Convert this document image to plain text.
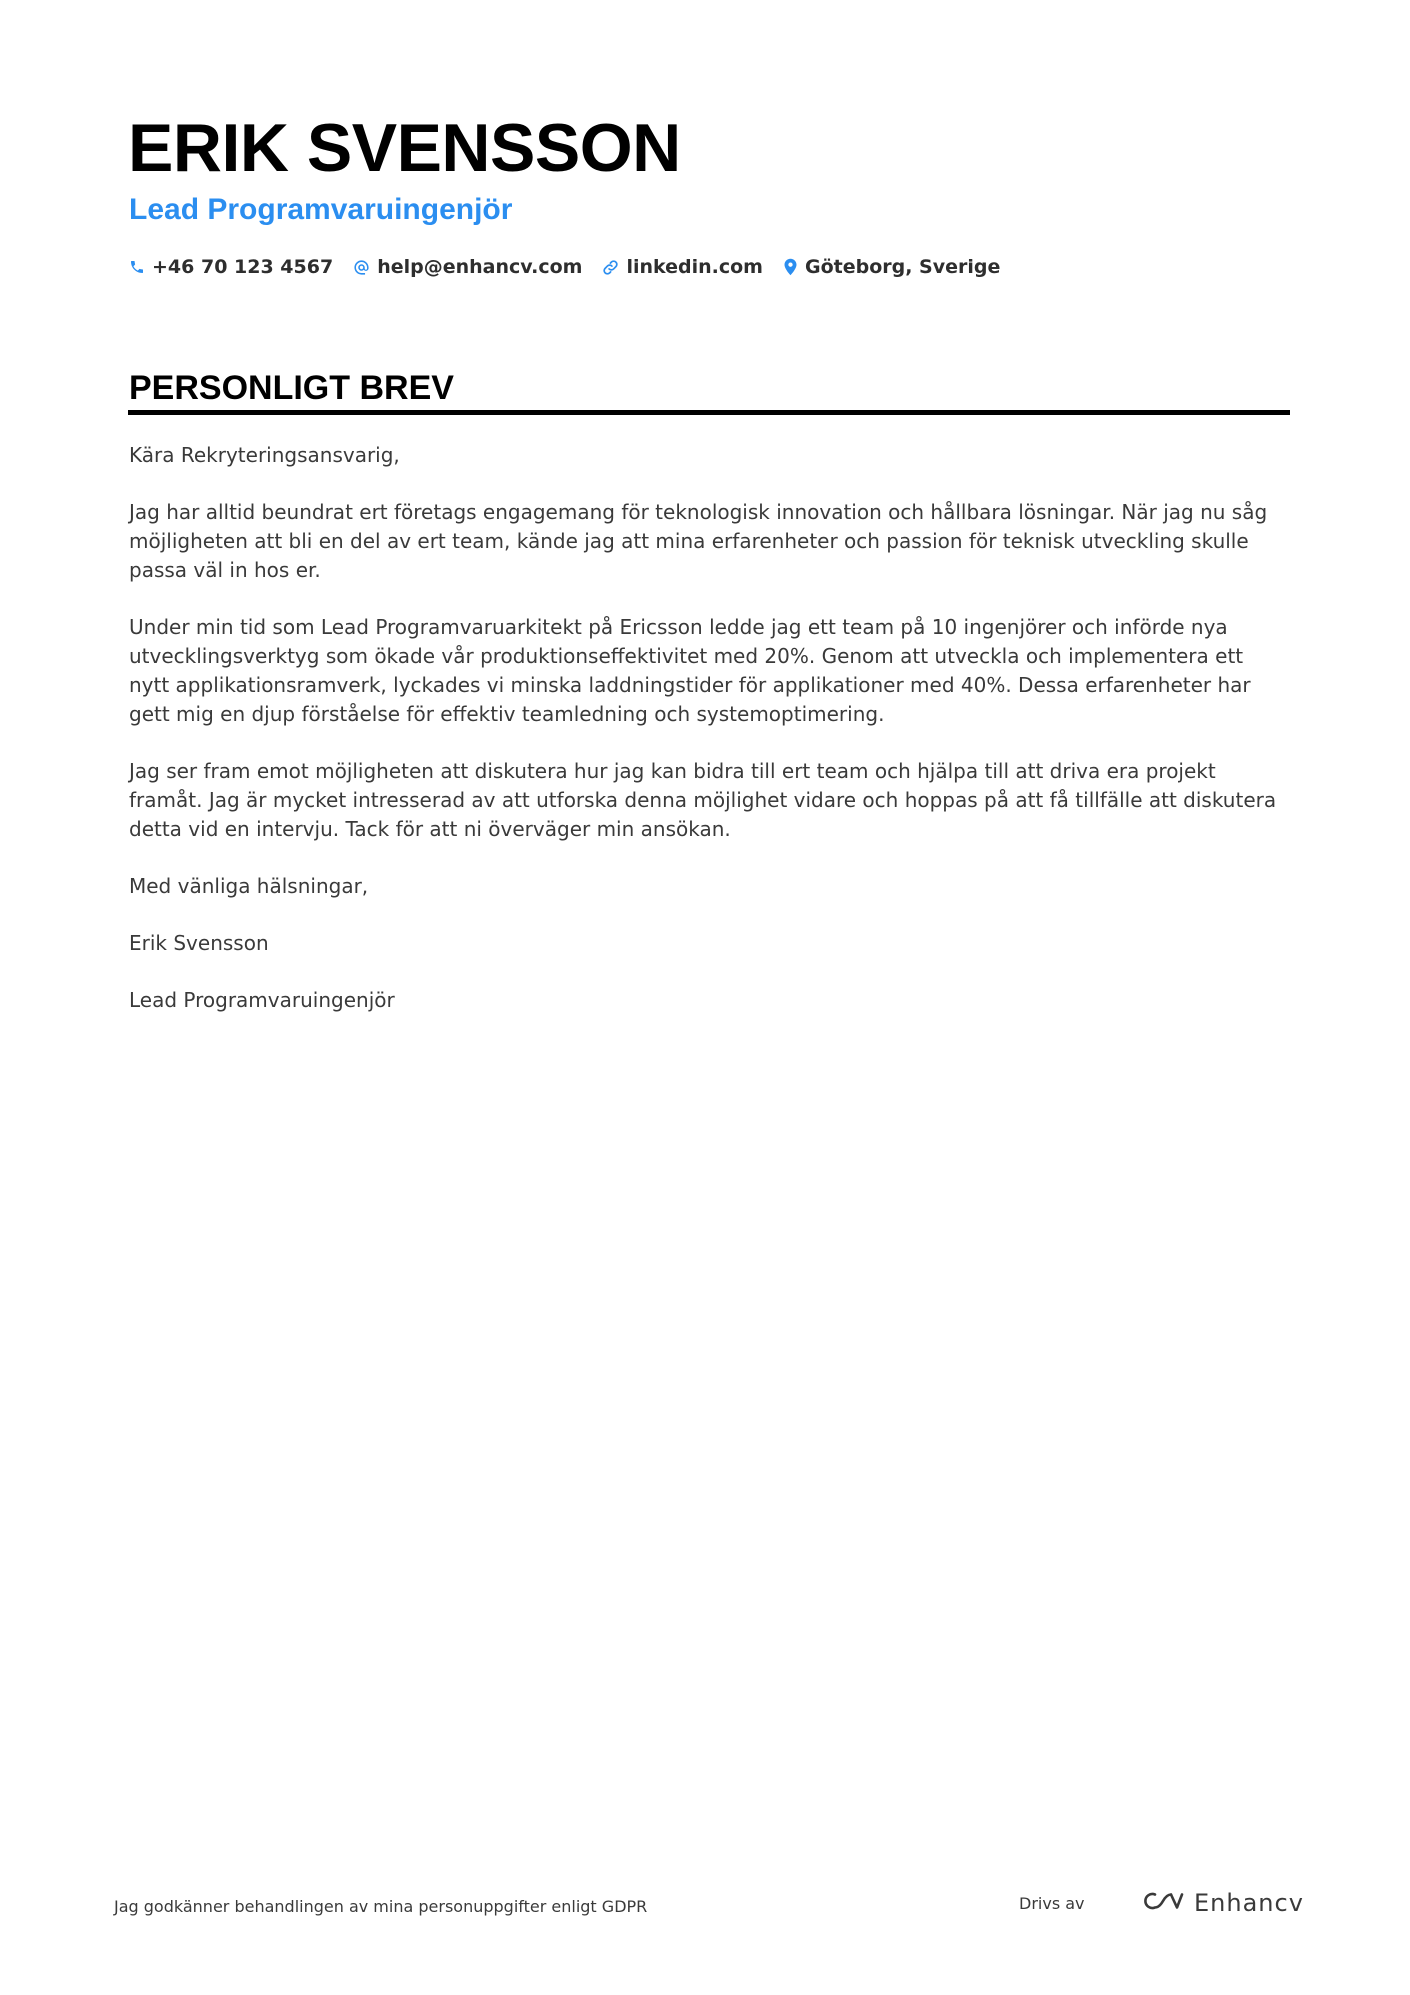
ERIK SVENSSON
Lead Programvaruingenjör
+46 70 123 4567 help@enhancv.com linkedin.com Göteborg, Sverige
PERSONLIGT BREV

Kära Rekryteringsansvarig,

Jag har alltid beundrat ert företags engagemang för teknologisk innovation och hållbara lösningar. När jag nu såg möjligheten att bli en del av ert team, kände jag att mina erfarenheter och passion för teknisk utveckling skulle passa väl in hos er.

Under min tid som Lead Programvaruarkitekt på Ericsson ledde jag ett team på 10 ingenjörer och införde nya utvecklingsverktyg som ökade vår produktionseffektivitet med 20%. Genom att utveckla och implementera ett nytt applikationsramverk, lyckades vi minska laddningstider för applikationer med 40%. Dessa erfarenheter har gett mig en djup förståelse för effektiv teamledning och systemoptimering.

Jag ser fram emot möjligheten att diskutera hur jag kan bidra till ert team och hjälpa till att driva era projekt framåt. Jag är mycket intresserad av att utforska denna möjlighet vidare och hoppas på att få tillfälle att diskutera detta vid en intervju. Tack för att ni överväger min ansökan.

Med vänliga hälsningar,

Erik Svensson

Lead Programvaruingenjör

Jag godkänner behandlingen av mina personuppgifter enligt GDPR	Drivs av	Enhancv
